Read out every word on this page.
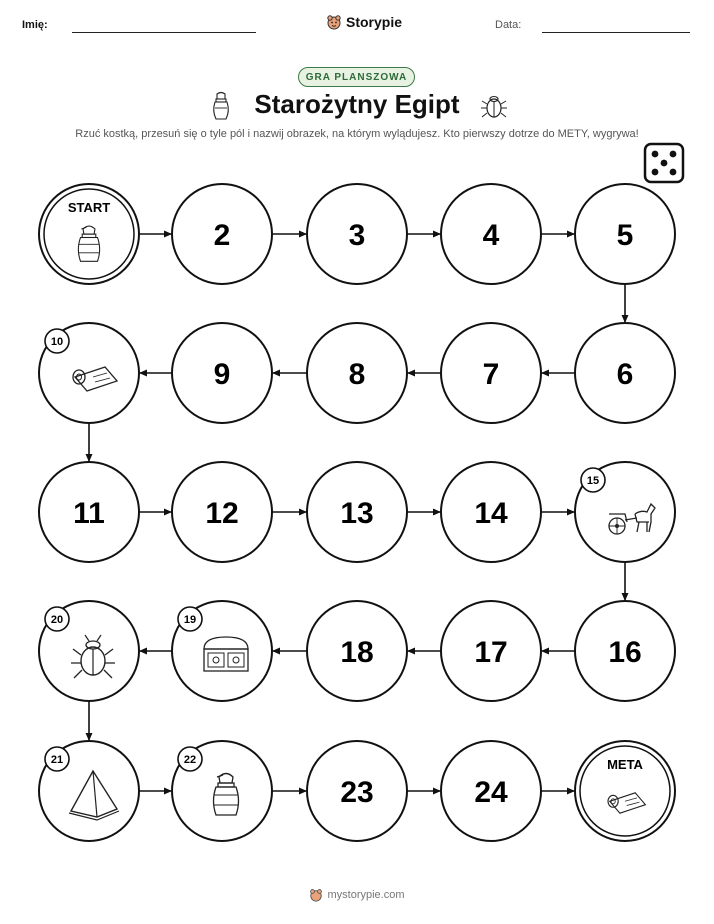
Imię:	Storypie	Data:
GRA PLANSZOWA
Starożytny Egipt
Rzuć kostką, przesuń się o tyle pól i nazwij obrazek, na którym wylądujesz. Kto pierwszy dotrze do METY, wygrywa!
START
2	3	4	5
6
7
8
9
10
11	12	13	14
15
16
17
18
19
20
21	22
23	24
META
mystorypie.com
